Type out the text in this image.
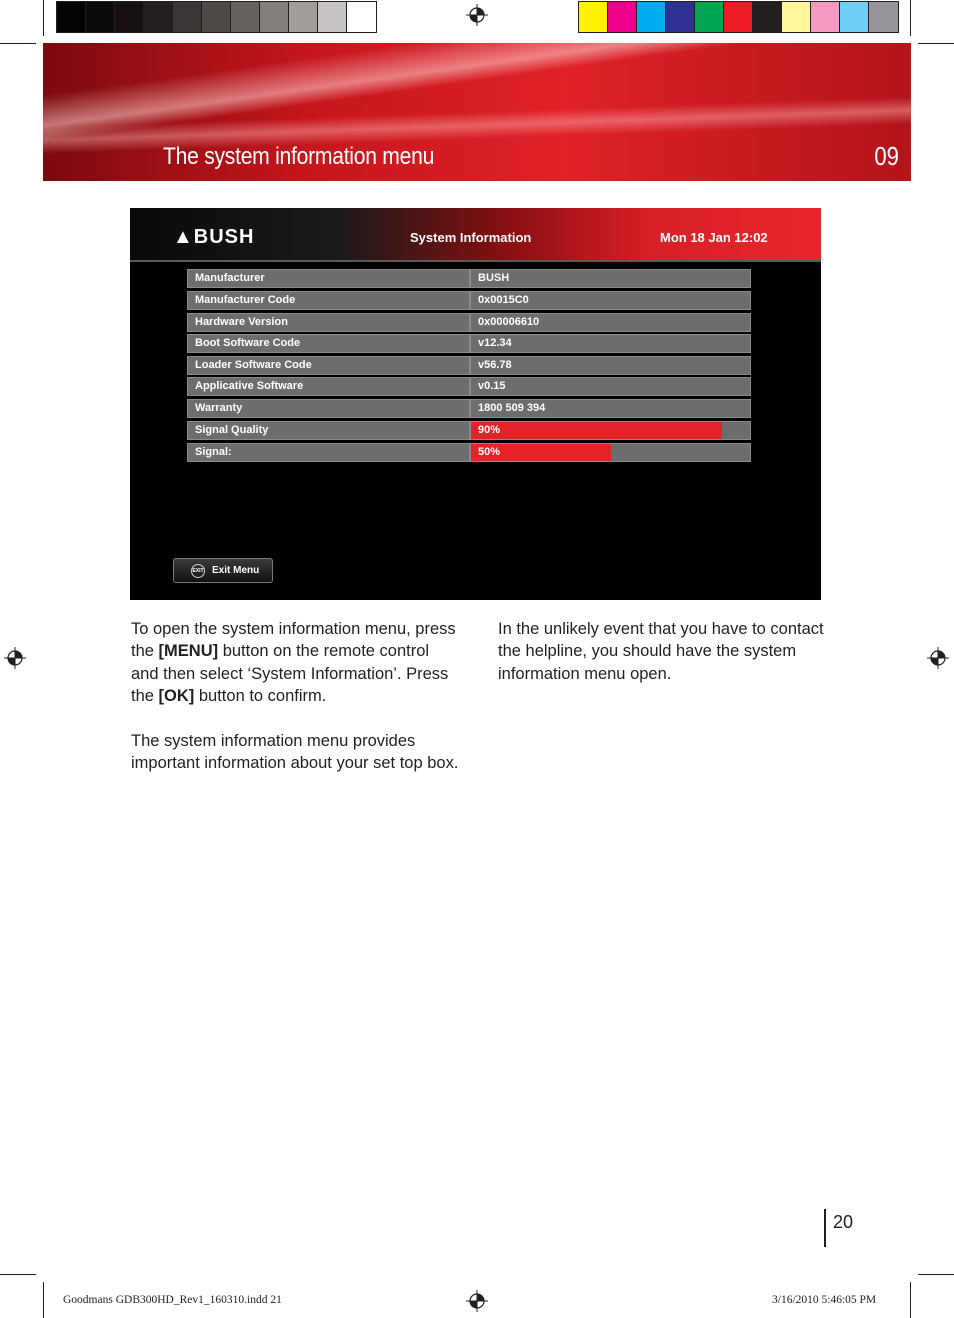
The system information menu	09
▲BUSH	System Information	Mon 18 Jan 12:02
Manufacturer	BUSH
Manufacturer Code	0x0015C0
Hardware Version	0x00006610
Boot Software Code	v12.34
Loader Software Code	v56.78
Applicative Software	v0.15
Warranty	1800 509 394
Signal Quality	90%
Signal:	50%
EXIT Exit Menu

To open the system information menu, press the [MENU] button on the remote control and then select ‘System Information’. Press the [OK] button to confirm.

The system information menu provides important information about your set top box.

In the unlikely event that you have to contact the helpline, you should have the system information menu open.

20
Goodmans GDB300HD_Rev1_160310.indd 21	3/16/2010 5:46:05 PM
